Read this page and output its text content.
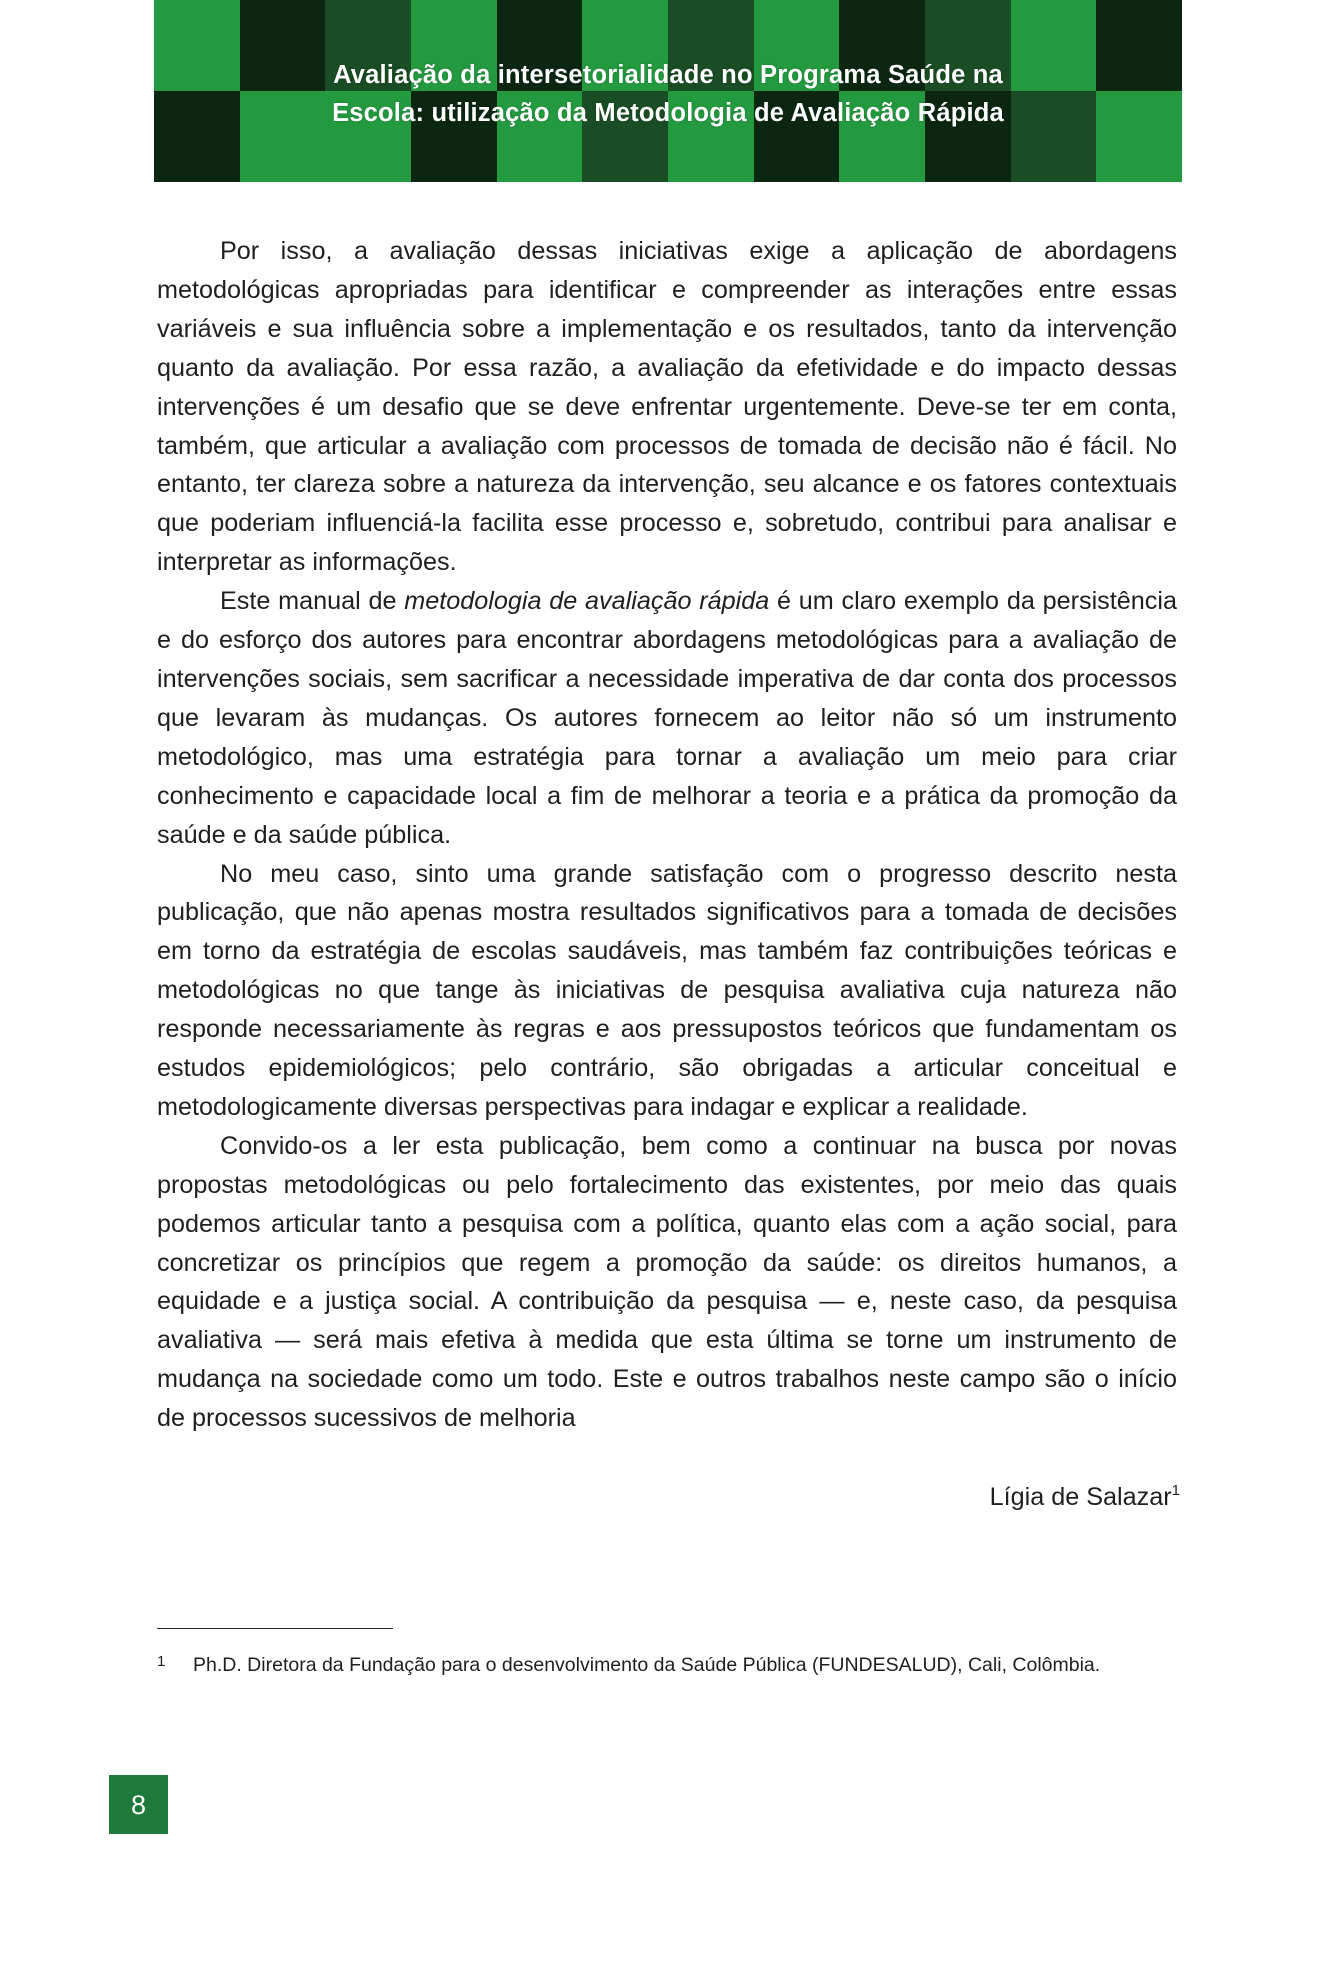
Avaliação da intersetorialidade no Programa Saúde na
Escola: utilização da Metodologia de Avaliação Rápida

Por isso, a avaliação dessas iniciativas exige a aplicação de abordagens metodológicas apropriadas para identificar e compreender as interações entre essas variáveis e sua influência sobre a implementação e os resultados, tanto da intervenção quanto da avaliação. Por essa razão, a avaliação da efetividade e do impacto dessas intervenções é um desafio que se deve enfrentar urgentemente. Deve-se ter em conta, também, que articular a avaliação com processos de tomada de decisão não é fácil. No entanto, ter clareza sobre a natureza da intervenção, seu alcance e os fatores contextuais que poderiam influenciá-la facilita esse processo e, sobretudo, contribui para analisar e interpretar as informações.

Este manual de metodologia de avaliação rápida é um claro exemplo da persistência e do esforço dos autores para encontrar abordagens metodológicas para a avaliação de intervenções sociais, sem sacrificar a necessidade imperativa de dar conta dos processos que levaram às mudanças. Os autores fornecem ao leitor não só um instrumento metodológico, mas uma estratégia para tornar a avaliação um meio para criar conhecimento e capacidade local a fim de melhorar a teoria e a prática da promoção da saúde e da saúde pública.

No meu caso, sinto uma grande satisfação com o progresso descrito nesta publicação, que não apenas mostra resultados significativos para a tomada de decisões em torno da estratégia de escolas saudáveis, mas também faz contribuições teóricas e metodológicas no que tange às iniciativas de pesquisa avaliativa cuja natureza não responde necessariamente às regras e aos pressupostos teóricos que fundamentam os estudos epidemiológicos; pelo contrário, são obrigadas a articular conceitual e metodologicamente diversas perspectivas para indagar e explicar a realidade.

Convido-os a ler esta publicação, bem como a continuar na busca por novas propostas metodológicas ou pelo fortalecimento das existentes, por meio das quais podemos articular tanto a pesquisa com a política, quanto elas com a ação social, para concretizar os princípios que regem a promoção da saúde: os direitos humanos, a equidade e a justiça social. A contribuição da pesquisa — e, neste caso, da pesquisa avaliativa — será mais efetiva à medida que esta última se torne um instrumento de mudança na sociedade como um todo. Este e outros trabalhos neste campo são o início de processos sucessivos de melhoria

Lígia de Salazar$^1$
1	Ph.D. Diretora da Fundação para o desenvolvimento da Saúde Pública (FUNDESALUD), Cali, Colômbia.
8
